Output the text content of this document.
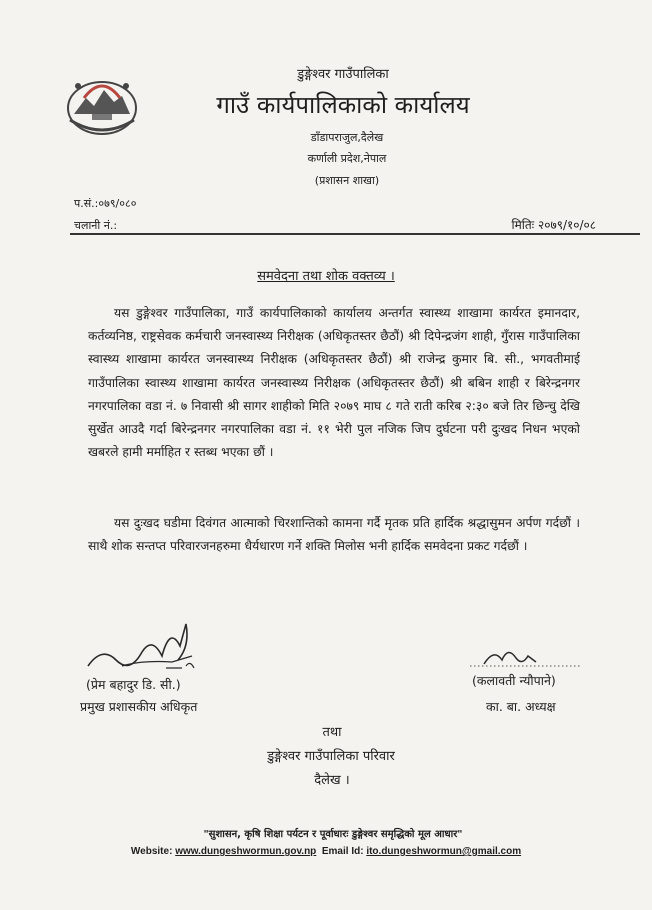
डुङ्गेश्वर गाउँपालिका

गाउँ कार्यपालिकाको कार्यालय

डाँडापराजुल,दैलेख

कर्णाली प्रदेश,नेपाल

(प्रशासन शाखा)

प.सं.:०७९/०८०
चलानी नं.:	मितिः २०७९/१०/०८
समवेदना तथा शोक वक्तव्य ।

यस डुङ्गेश्वर गाउँपालिका, गाउँ कार्यपालिकाको कार्यालय अन्तर्गत स्वास्थ्य शाखामा कार्यरत इमानदार, कर्तव्यनिष्ठ, राष्ट्रसेवक कर्मचारी जनस्वास्थ्य निरीक्षक (अधिकृतस्तर छैठौं) श्री दिपेन्द्रजंग शाही, गुँरास गाउँपालिका स्वास्थ्य शाखामा कार्यरत जनस्वास्थ्य निरीक्षक (अधिकृतस्तर छैठौं) श्री राजेन्द्र कुमार बि. सी., भगवतीमाई गाउँपालिका स्वास्थ्य शाखामा कार्यरत जनस्वास्थ्य निरीक्षक (अधिकृतस्तर छैठौं) श्री बबिन शाही र बिरेन्द्रनगर नगरपालिका वडा नं. ७ निवासी श्री सागर शाहीको मिति २०७९ माघ ८ गते राती करिब २:३० बजे तिर छिन्चु देखि सुर्खेत आउदै गर्दा बिरेन्द्रनगर नगरपालिका वडा नं. ११ भेरी पुल नजिक जिप दुर्घटना परी दुःखद निधन भएको खबरले हामी मर्माहित र स्तब्ध भएका छौं ।

यस दुःखद घडीमा दिवंगत आत्माको चिरशान्तिको कामना गर्दै मृतक प्रति हार्दिक श्रद्धासुमन अर्पण गर्दछौं । साथै शोक सन्तप्त परिवारजनहरुमा धैर्यधारण गर्ने शक्ति मिलोस भनी हार्दिक समवेदना प्रकट गर्दछौं ।

(प्रेम बहादुर डि. सी.)
प्रमुख प्रशासकीय अधिकृत
(कलावती न्यौपाने)
का. बा. अध्यक्ष
तथा
डुङ्गेश्वर गाउँपालिका परिवार
दैलेख ।
"सुशासन, कृषि शिक्षा पर्यटन र पूर्वाधारः डुङ्गेश्वर समृद्धिको मूल आधार"
Website: www.dungeshwormun.gov.np Email Id: ito.dungeshwormun@gmail.com
